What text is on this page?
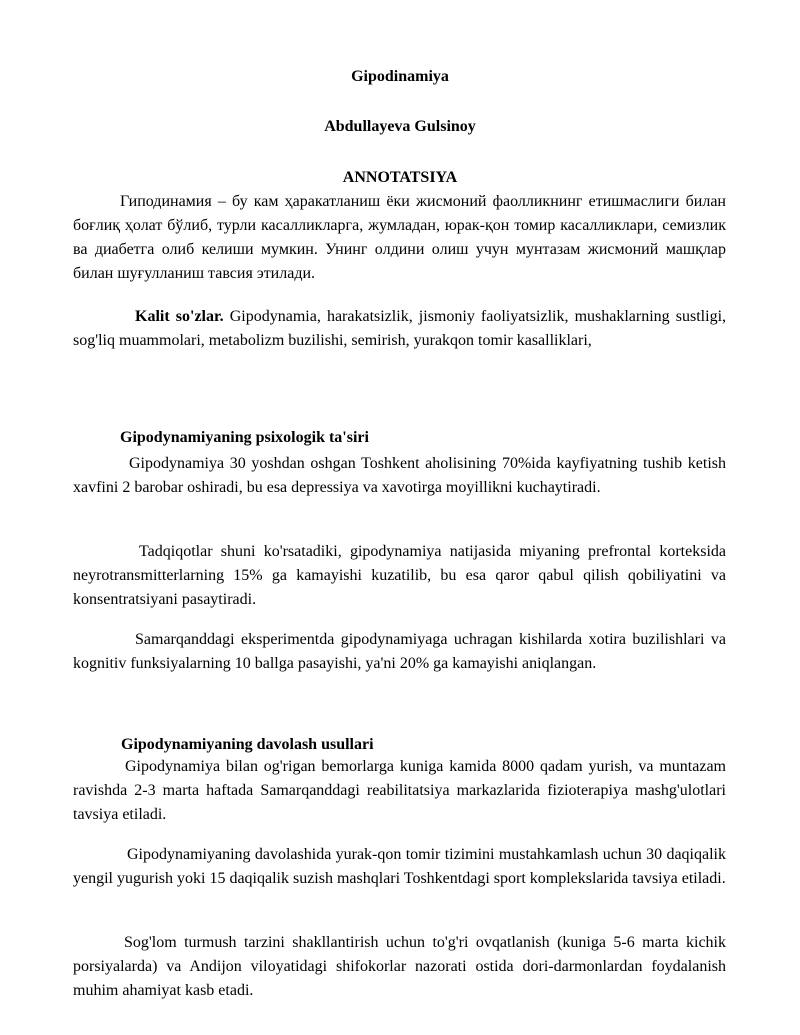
Gipodinamiya
Abdullayeva Gulsinoy
ANNOTATSIYA

Гиподинамия – бу кам ҳаракатланиш ёки жисмоний фаолликнинг етишмаслиги билан боғлиқ ҳолат бўлиб, турли касалликларга, жумладан, юрак-қон томир касалликлари, семизлик ва диабетга олиб келиши мумкин. Унинг олдини олиш учун мунтазам жисмоний машқлар билан шуғулланиш тавсия этилади.

Kalit so'zlar. Gipodynamia, harakatsizlik, jismoniy faoliyatsizlik, mushaklarning sustligi, sog'liq muammolari, metabolizm buzilishi, semirish, yurakqon tomir kasalliklari,

Gipodynamiyaning psixologik ta'siri

Gipodynamiya 30 yoshdan oshgan Toshkent aholisining 70%ida kayfiyatning tushib ketish xavfini 2 barobar oshiradi, bu esa depressiya va xavotirga moyillikni kuchaytiradi.

Tadqiqotlar shuni ko'rsatadiki, gipodynamiya natijasida miyaning prefrontal korteksida neyrotransmitterlarning 15% ga kamayishi kuzatilib, bu esa qaror qabul qilish qobiliyatini va konsentratsiyani pasaytiradi.

Samarqanddagi eksperimentda gipodynamiyaga uchragan kishilarda xotira buzilishlari va kognitiv funksiyalarning 10 ballga pasayishi, ya'ni 20% ga kamayishi aniqlangan.

Gipodynamiyaning davolash usullari

Gipodynamiya bilan og'rigan bemorlarga kuniga kamida 8000 qadam yurish, va muntazam ravishda 2-3 marta haftada Samarqanddagi reabilitatsiya markazlarida fizioterapiya mashg'ulotlari tavsiya etiladi.

Gipodynamiyaning davolashida yurak-qon tomir tizimini mustahkamlash uchun 30 daqiqalik yengil yugurish yoki 15 daqiqalik suzish mashqlari Toshkentdagi sport komplekslarida tavsiya etiladi.

Sog'lom turmush tarzini shakllantirish uchun to'g'ri ovqatlanish (kuniga 5-6 marta kichik porsiyalarda) va Andijon viloyatidagi shifokorlar nazorati ostida dori-darmonlardan foydalanish muhim ahamiyat kasb etadi.
